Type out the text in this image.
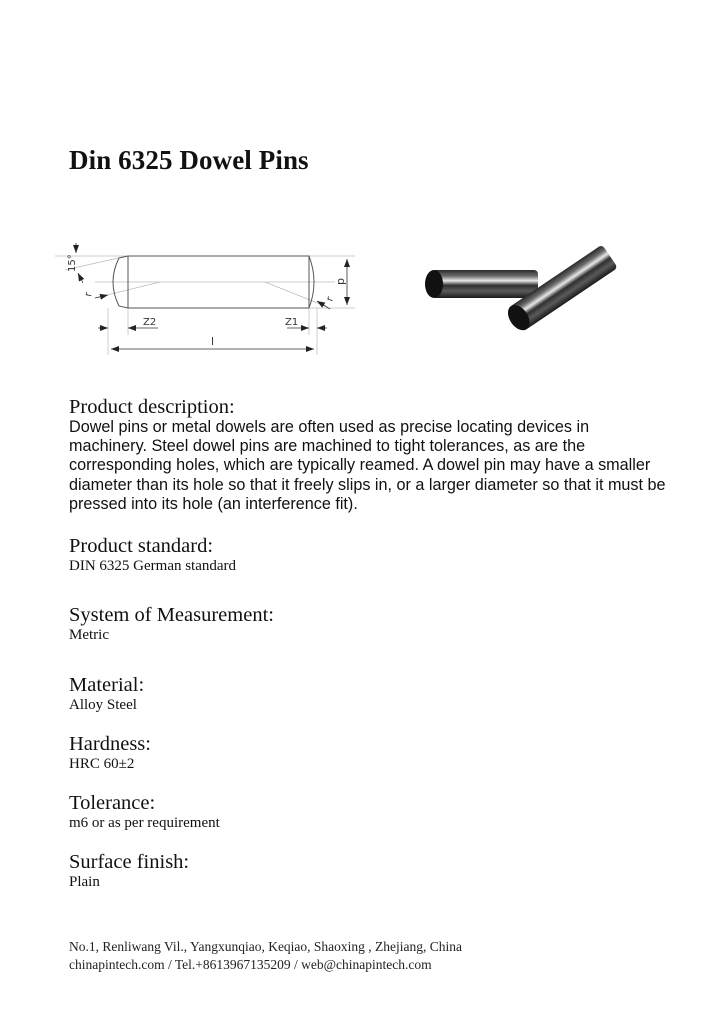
Din 6325 Dowel Pins
15°
r
r
d
Z2	Z1
l
Product description:
Dowel pins or metal dowels are often used as precise locating devices in machinery. Steel dowel pins are machined to tight tolerances, as are the corresponding holes, which are typically reamed. A dowel pin may have a smaller diameter than its hole so that it freely slips in, or a larger diameter so that it must be pressed into its hole (an interference fit).
Product standard:
DIN 6325 German standard
System of Measurement:
Metric
Material:
Alloy Steel
Hardness:
HRC 60±2
Tolerance:
m6 or as per requirement
Surface finish:
Plain
No.1, Renliwang Vil., Yangxunqiao, Keqiao, Shaoxing , Zhejiang, China
chinapintech.com / Tel.+8613967135209 / web@chinapintech.com
